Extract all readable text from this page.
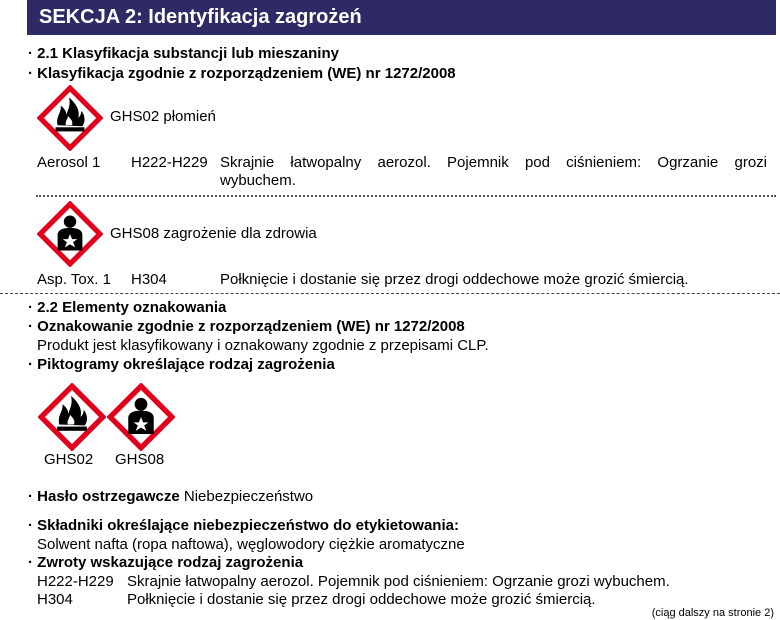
SEKCJA 2: Identyfikacja zagrożeń
· 2.1 Klasyfikacja substancji lub mieszaniny
· Klasyfikacja zgodnie z rozporządzeniem (WE) nr 1272/2008
GHS02 płomień
Aerosol 1 H222-H229 Skrajnie łatwopalny aerozol. Pojemnik pod ciśnieniem: Ogrzanie grozi
wybuchem.
GHS08 zagrożenie dla zdrowia
Asp. Tox. 1 H304	Połknięcie i dostanie się przez drogi oddechowe może grozić śmiercią.
· 2.2 Elementy oznakowania
· Oznakowanie zgodnie z rozporządzeniem (WE) nr 1272/2008
Produkt jest klasyfikowany i oznakowany zgodnie z przepisami CLP.
· Piktogramy określające rodzaj zagrożenia
GHS02 GHS08
· Hasło ostrzegawcze Niebezpieczeństwo
· Składniki określające niebezpieczeństwo do etykietowania:
Solwent nafta (ropa naftowa), węglowodory ciężkie aromatyczne
· Zwroty wskazujące rodzaj zagrożenia
H222-H229 Skrajnie łatwopalny aerozol. Pojemnik pod ciśnieniem: Ogrzanie grozi wybuchem.
H304	Połknięcie i dostanie się przez drogi oddechowe może grozić śmiercią.
(ciąg dalszy na stronie 2)
